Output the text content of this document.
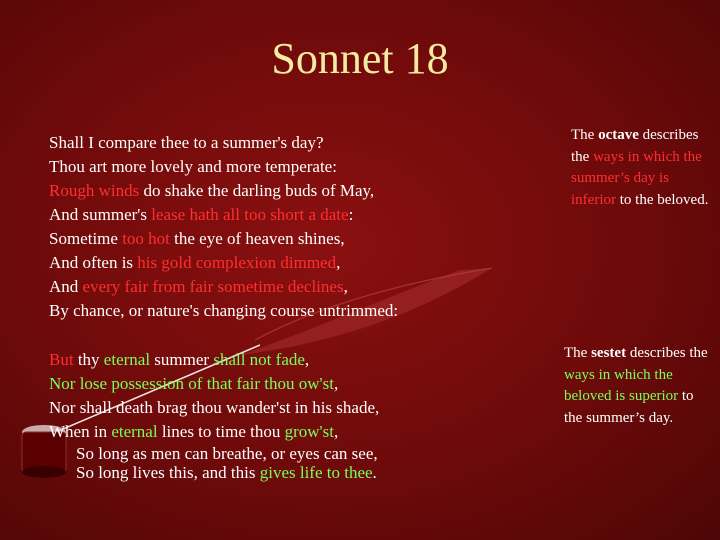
Sonnet 18
Shall I compare thee to a summer's day?
Thou art more lovely and more temperate:
Rough winds do shake the darling buds of May,
And summer's lease hath all too short a date:
Sometime too hot the eye of heaven shines,
And often is his gold complexion dimmed,
And every fair from fair sometime declines,
By chance, or nature's changing course untrimmed:
But thy eternal summer shall not fade,
Nor lose possession of that fair thou ow'st,
Nor shall death brag thou wander'st in his shade,
When in eternal lines to time thou grow'st,
So long as men can breathe, or eyes can see,
So long lives this, and this gives life to thee.
The octave describes the ways in which the summer’s day is inferior to the beloved.
The sestet describes the ways in which the beloved is superior to the summer’s day.
